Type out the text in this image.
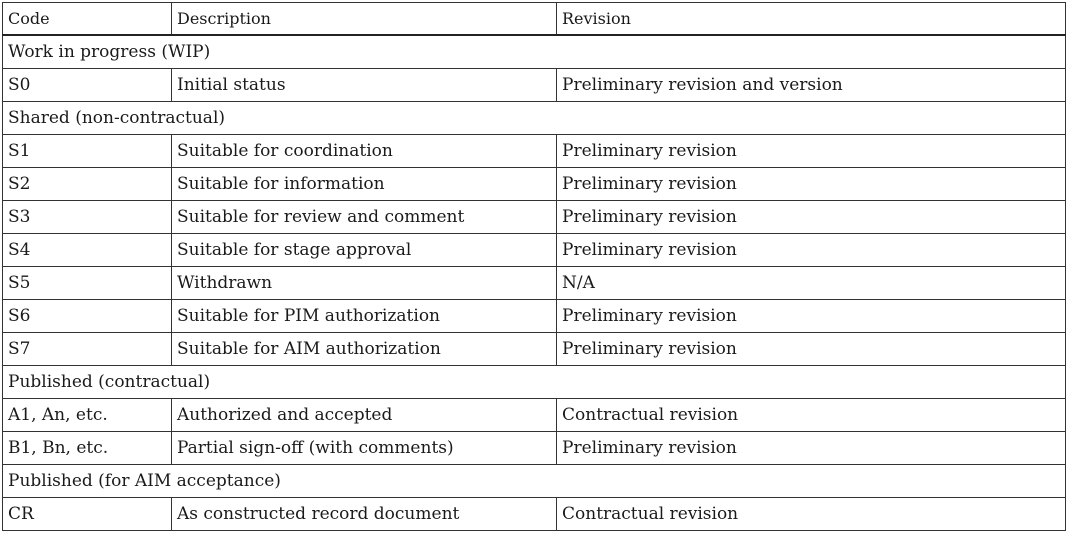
Code	Description	Revision
Work in progress (WIP)		
S0	Initial status	Preliminary revision and version
Shared (non-contractual)		
S1	Suitable for coordination	Preliminary revision
S2	Suitable for information	Preliminary revision
S3	Suitable for review and comment	Preliminary revision
S4	Suitable for stage approval	Preliminary revision
S5	Withdrawn	N/A
S6	Suitable for PIM authorization	Preliminary revision
S7	Suitable for AIM authorization	Preliminary revision
Published (contractual)		
A1, An, etc.	Authorized and accepted	Contractual revision
B1, Bn, etc.	Partial sign-off (with comments)	Preliminary revision
Published (for AIM acceptance)		
CR	As constructed record document	Contractual revision
